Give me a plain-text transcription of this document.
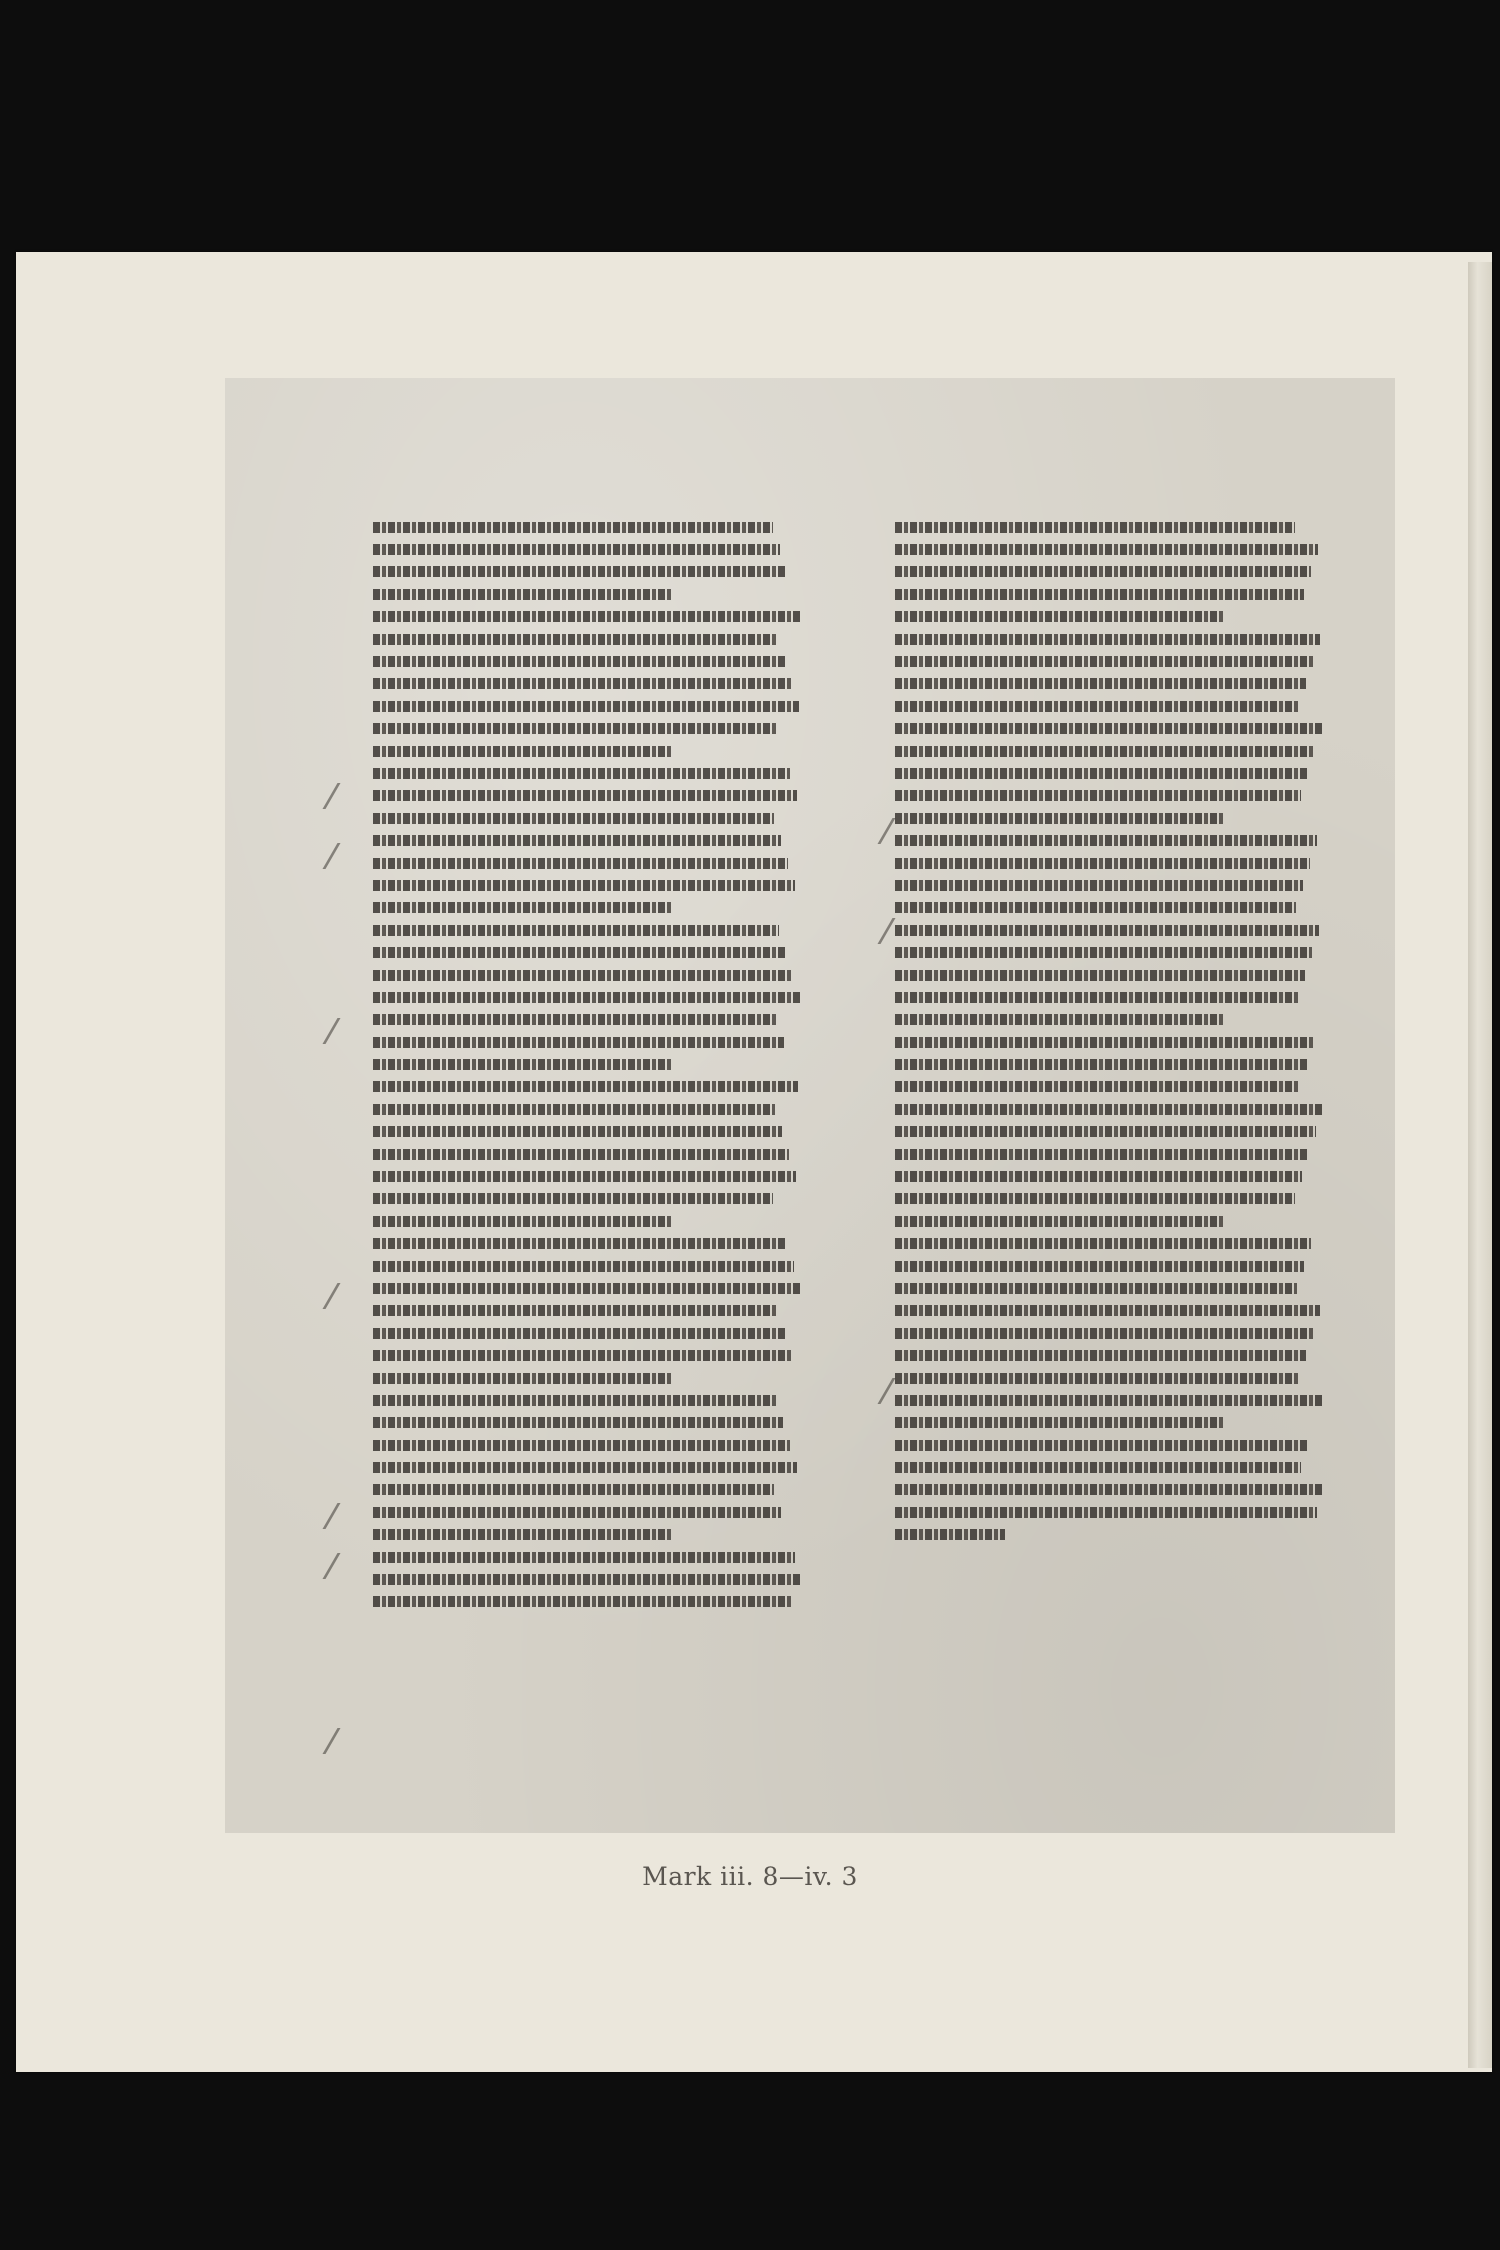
Mark iii. 8—iv. 3
